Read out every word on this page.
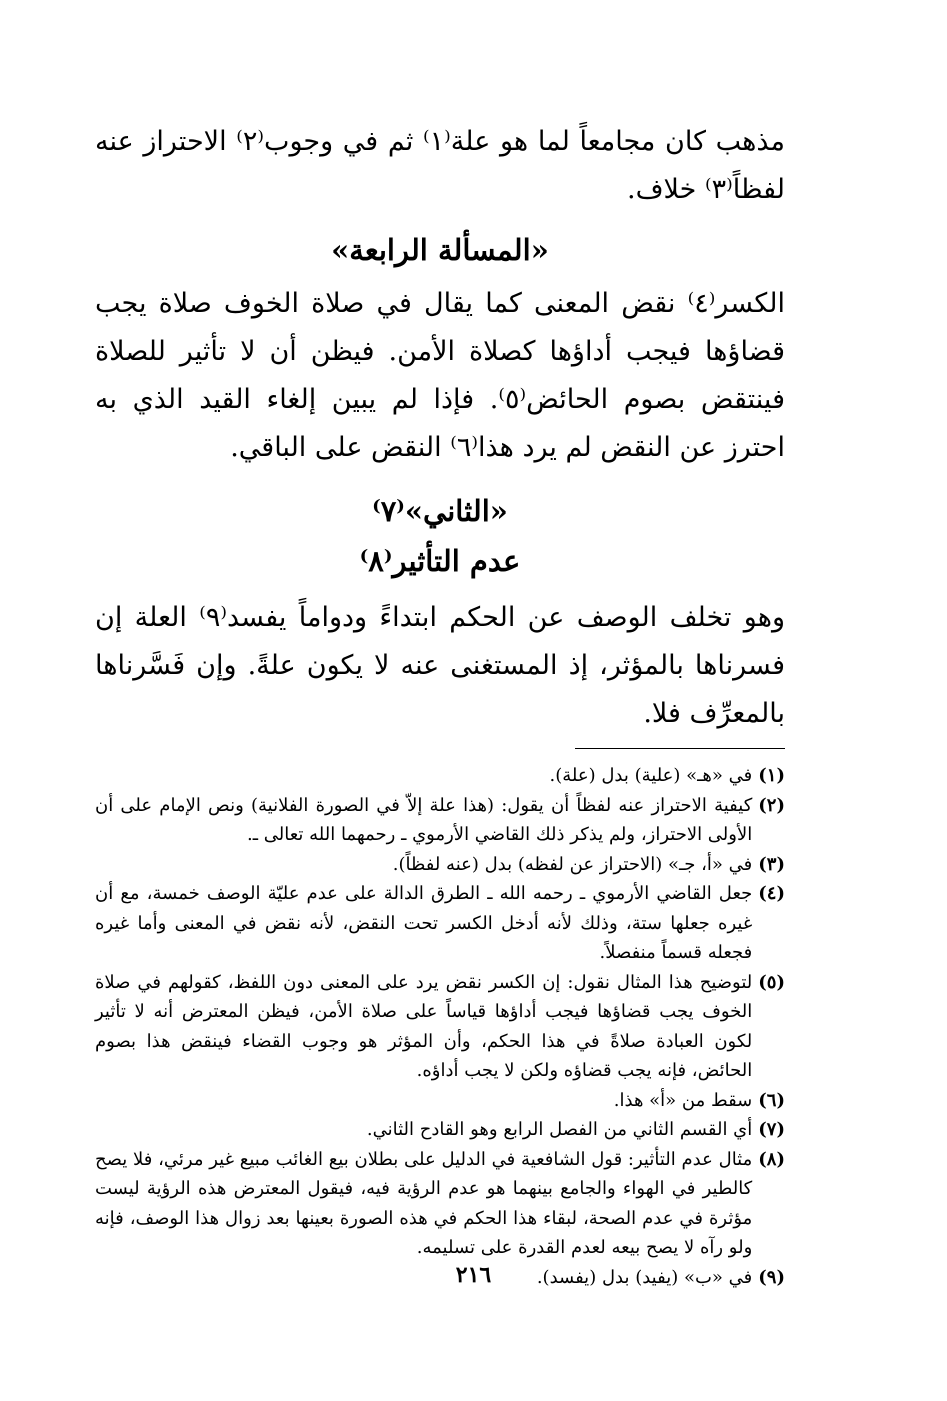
مذهب كان مجامعاً لما هو علة⁽١⁾ ثم في وجوب⁽٢⁾ الاحتراز عنه لفظاً⁽٣⁾ خلاف.

«المسألة الرابعة»

الكسر⁽٤⁾ نقض المعنى كما يقال في صلاة الخوف صلاة يجب قضاؤها فيجب أداؤها كصلاة الأمن. فيظن أن لا تأثير للصلاة فينتقض بصوم الحائض⁽٥⁾. فإذا لم يبين إلغاء القيد الذي به احترز عن النقض لم يرد هذا⁽٦⁾ النقض على الباقي.

«الثاني»⁽٧⁾
عدم التأثير⁽٨⁾

وهو تخلف الوصف عن الحكم ابتداءً ودواماً يفسد⁽٩⁾ العلة إن فسرناها بالمؤثر، إذ المستغنى عنه لا يكون علةً. وإن فَسَّرناها بالمعرِّف فلا.

(١)
في «هـ» (علية) بدل (علة).
(٢)
كيفية الاحتراز عنه لفظاً أن يقول: (هذا علة إلاّ في الصورة الفلانية) ونص الإمام على أن الأولى الاحتراز، ولم يذكر ذلك القاضي الأرموي ـ رحمهما الله تعالى ـ.
(٣)
في «أ، جـ» (الاحتراز عن لفظه) بدل (عنه لفظاً).
(٤)
جعل القاضي الأرموي ـ رحمه الله ـ الطرق الدالة على عدم عليّة الوصف خمسة، مع أن غيره جعلها ستة، وذلك لأنه أدخل الكسر تحت النقض، لأنه نقض في المعنى وأما غيره فجعله قسماً منفصلاً.
(٥)
لتوضيح هذا المثال نقول: إن الكسر نقض يرد على المعنى دون اللفظ، كقولهم في صلاة الخوف يجب قضاؤها فيجب أداؤها قياساً على صلاة الأمن، فيظن المعترض أنه لا تأثير لكون العبادة صلاةً في هذا الحكم، وأن المؤثر هو وجوب القضاء فينقض هذا بصوم الحائض، فإنه يجب قضاؤه ولكن لا يجب أداؤه.
(٦)
سقط من «أ» هذا.
(٧)
أي القسم الثاني من الفصل الرابع وهو القادح الثاني.
(٨)
مثال عدم التأثير: قول الشافعية في الدليل على بطلان بيع الغائب مبيع غير مرئي، فلا يصح كالطير في الهواء والجامع بينهما هو عدم الرؤية فيه، فيقول المعترض هذه الرؤية ليست مؤثرة في عدم الصحة، لبقاء هذا الحكم في هذه الصورة بعينها بعد زوال هذا الوصف، فإنه ولو رآه لا يصح بيعه لعدم القدرة على تسليمه.
(٩)
في «ب» (يفيد) بدل (يفسد).
٢١٦
